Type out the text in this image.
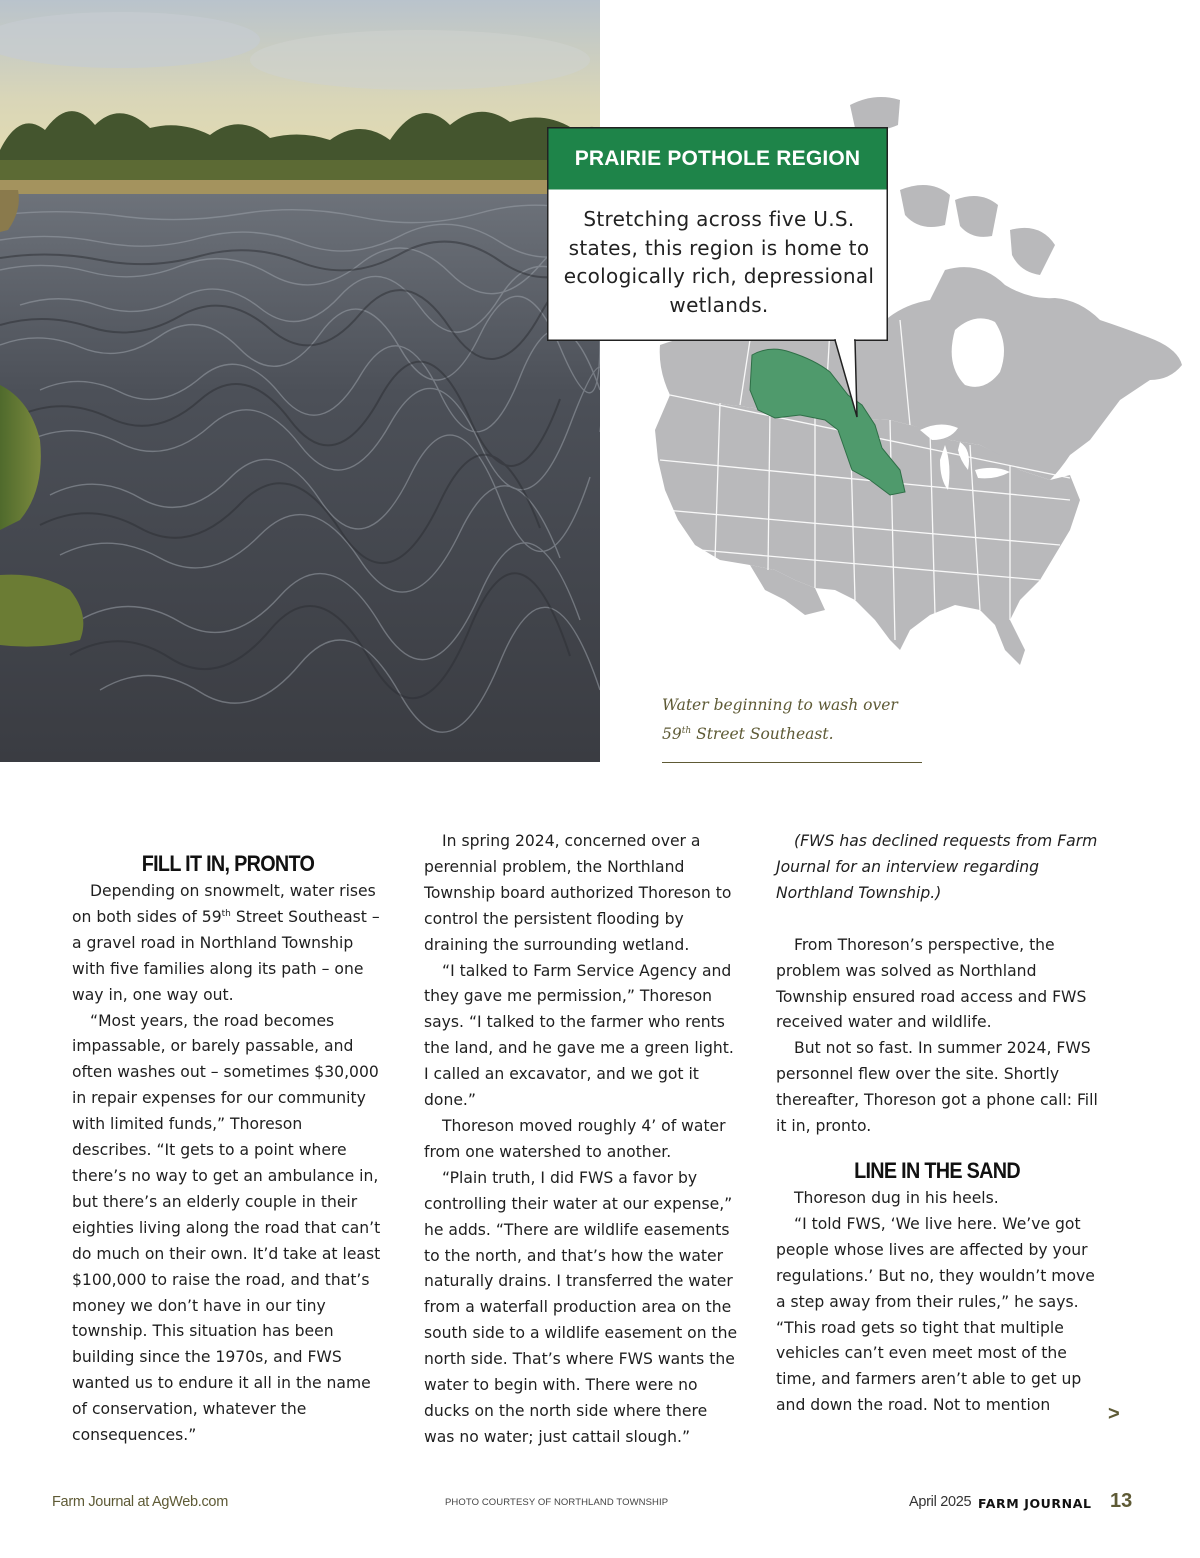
PRAIRIE POTHOLE REGION
Stretching across five U.S. states, this region is home to ecologically rich, depressional wetlands.
Water beginning to wash over
59th Street Southeast.
FILL IT IN, PRONTO

Depending on snowmelt, water rises on both sides of 59th Street Southeast – a gravel road in Northland Township with five families along its path – one way in, one way out.

“Most years, the road becomes impassable, or barely passable, and often washes out – sometimes $30,000 in repair expenses for our community with limited funds,” Thoreson describes. “It gets to a point where there’s no way to get an ambulance in, but there’s an elderly couple in their eighties living along the road that can’t do much on their own. It’d take at least $100,000 to raise the road, and that’s money we don’t have in our tiny township. This situation has been building since the 1970s, and FWS wanted us to endure it all in the name of conservation, whatever the consequences.”

In spring 2024, concerned over a perennial problem, the Northland Township board authorized Thoreson to control the persistent flooding by draining the surrounding wetland.

“I talked to Farm Service Agency and they gave me permission,” Thoreson says. “I talked to the farmer who rents the land, and he gave me a green light. I called an excavator, and we got it done.”

Thoreson moved roughly 4’ of water from one watershed to another.

“Plain truth, I did FWS a favor by controlling their water at our expense,” he adds. “There are wildlife easements to the north, and that’s how the water naturally drains. I transferred the water from a waterfall production area on the south side to a wildlife easement on the north side. That’s where FWS wants the water to begin with. There were no ducks on the north side where there was no water; just cattail slough.”

(FWS has declined requests from Farm Journal for an interview regarding Northland Township.)

From Thoreson’s perspective, the problem was solved as Northland Township ensured road access and FWS received water and wildlife.

But not so fast. In summer 2024, FWS personnel flew over the site. Shortly thereafter, Thoreson got a phone call: Fill it in, pronto.

LINE IN THE SAND

Thoreson dug in his heels.

“I told FWS, ‘We live here. We’ve got people whose lives are affected by your regulations.’ But no, they wouldn’t move a step away from their rules,” he says. “This road gets so tight that multiple vehicles can’t even meet most of the time, and farmers aren’t able to get up and down the road. Not to mention	>
Farm Journal at AgWeb.com	PHOTO COURTESY OF NORTHLAND TOWNSHIP	April 2025 FARM JOURNAL 13
